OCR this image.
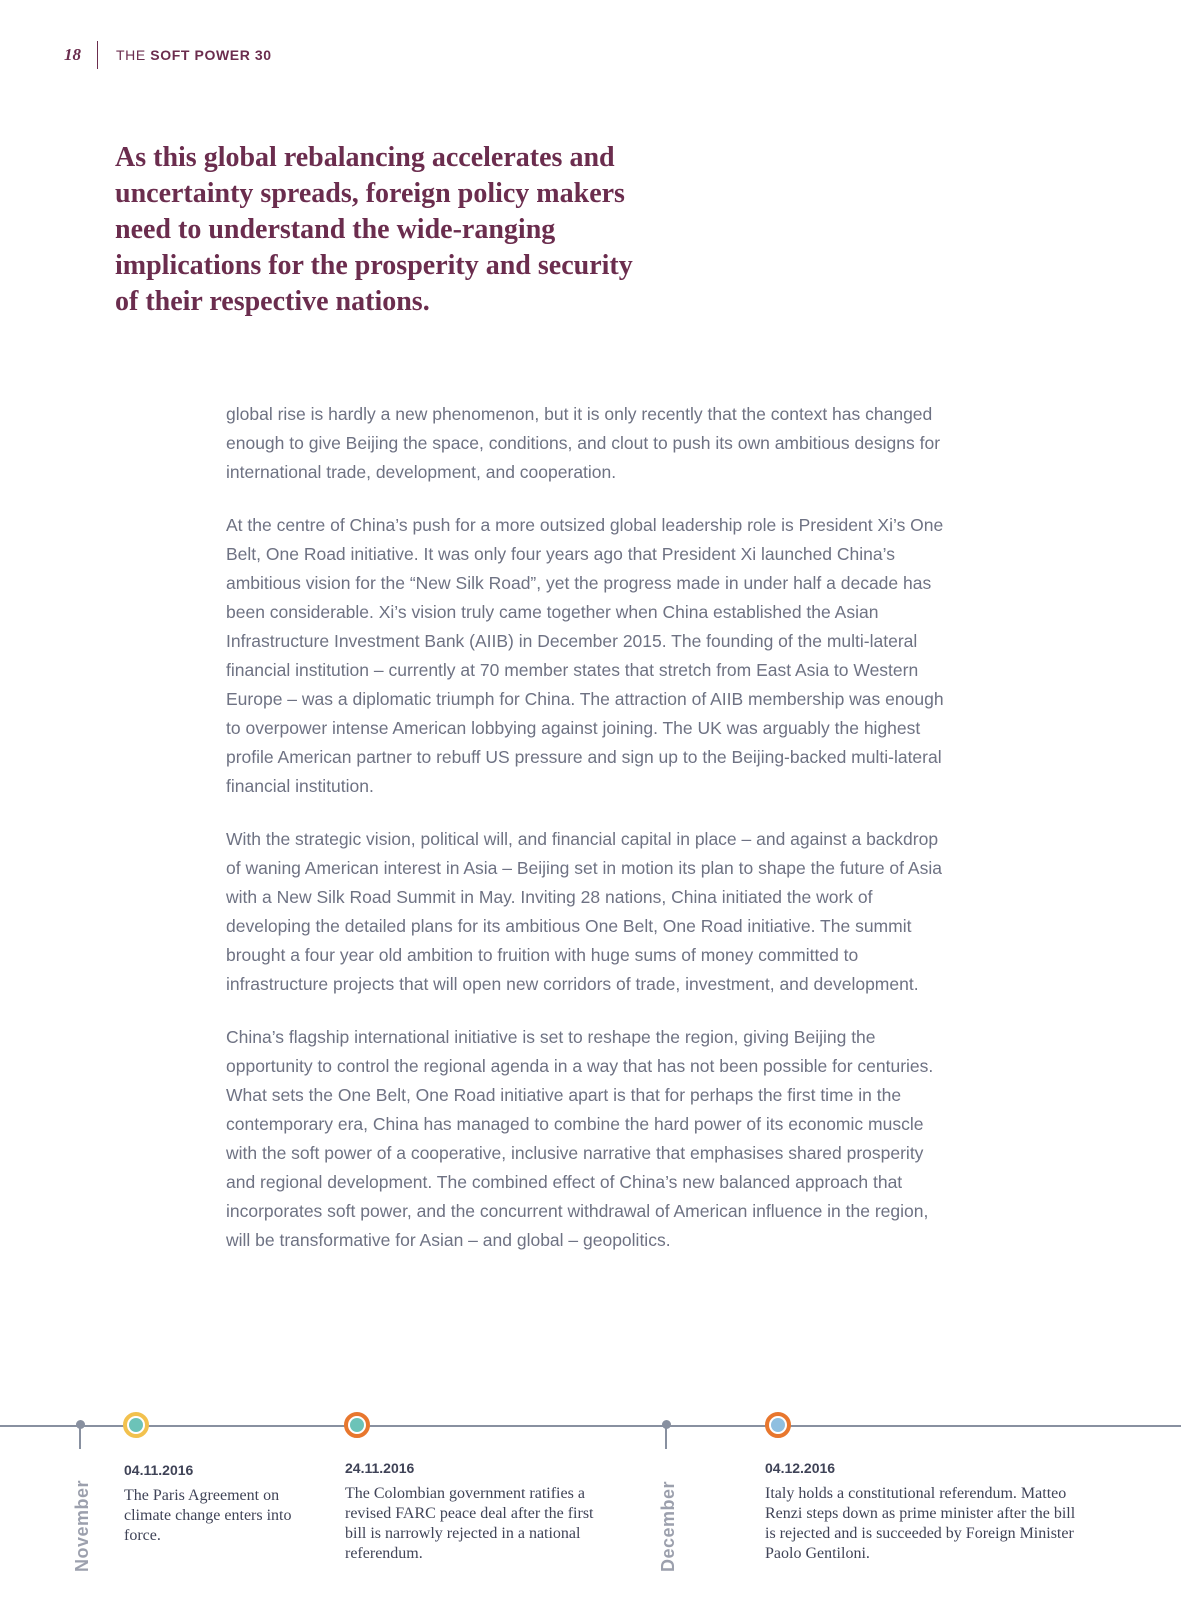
18	THE SOFT POWER 30

As this global rebalancing accelerates and uncertainty spreads, foreign policy makers need to understand the wide-ranging implications for the prosperity and security of their respective nations.

global rise is hardly a new phenomenon, but it is only recently that the context has changed enough to give Beijing the space, conditions, and clout to push its own ambitious designs for international trade, development, and cooperation.

At the centre of China’s push for a more outsized global leadership role is President Xi’s One Belt, One Road initiative. It was only four years ago that President Xi launched China’s ambitious vision for the “New Silk Road”, yet the progress made in under half a decade has been considerable. Xi’s vision truly came together when China established the Asian Infrastructure Investment Bank (AIIB) in December 2015. The founding of the multi-lateral financial institution – currently at 70 member states that stretch from East Asia to Western Europe – was a diplomatic triumph for China. The attraction of AIIB membership was enough to overpower intense American lobbying against joining. The UK was arguably the highest profile American partner to rebuff US pressure and sign up to the Beijing-backed multi-lateral financial institution.

With the strategic vision, political will, and financial capital in place – and against a backdrop of waning American interest in Asia – Beijing set in motion its plan to shape the future of Asia with a New Silk Road Summit in May. Inviting 28 nations, China initiated the work of developing the detailed plans for its ambitious One Belt, One Road initiative. The summit brought a four year old ambition to fruition with huge sums of money committed to infrastructure projects that will open new corridors of trade, investment, and development.

China’s flagship international initiative is set to reshape the region, giving Beijing the opportunity to control the regional agenda in a way that has not been possible for centuries. What sets the One Belt, One Road initiative apart is that for perhaps the first time in the contemporary era, China has managed to combine the hard power of its economic muscle with the soft power of a cooperative, inclusive narrative that emphasises shared prosperity and regional development. The combined effect of China’s new balanced approach that incorporates soft power, and the concurrent withdrawal of American influence in the region, will be transformative for Asian – and global – geopolitics.

November	December
04.11.2016
The Paris Agreement on climate change enters into force.
24.11.2016
The Colombian government ratifies a revised FARC peace deal after the first bill is narrowly rejected in a national referendum.
04.12.2016
Italy holds a constitutional referendum. Matteo Renzi steps down as prime minister after the bill is rejected and is succeeded by Foreign Minister Paolo Gentiloni.
